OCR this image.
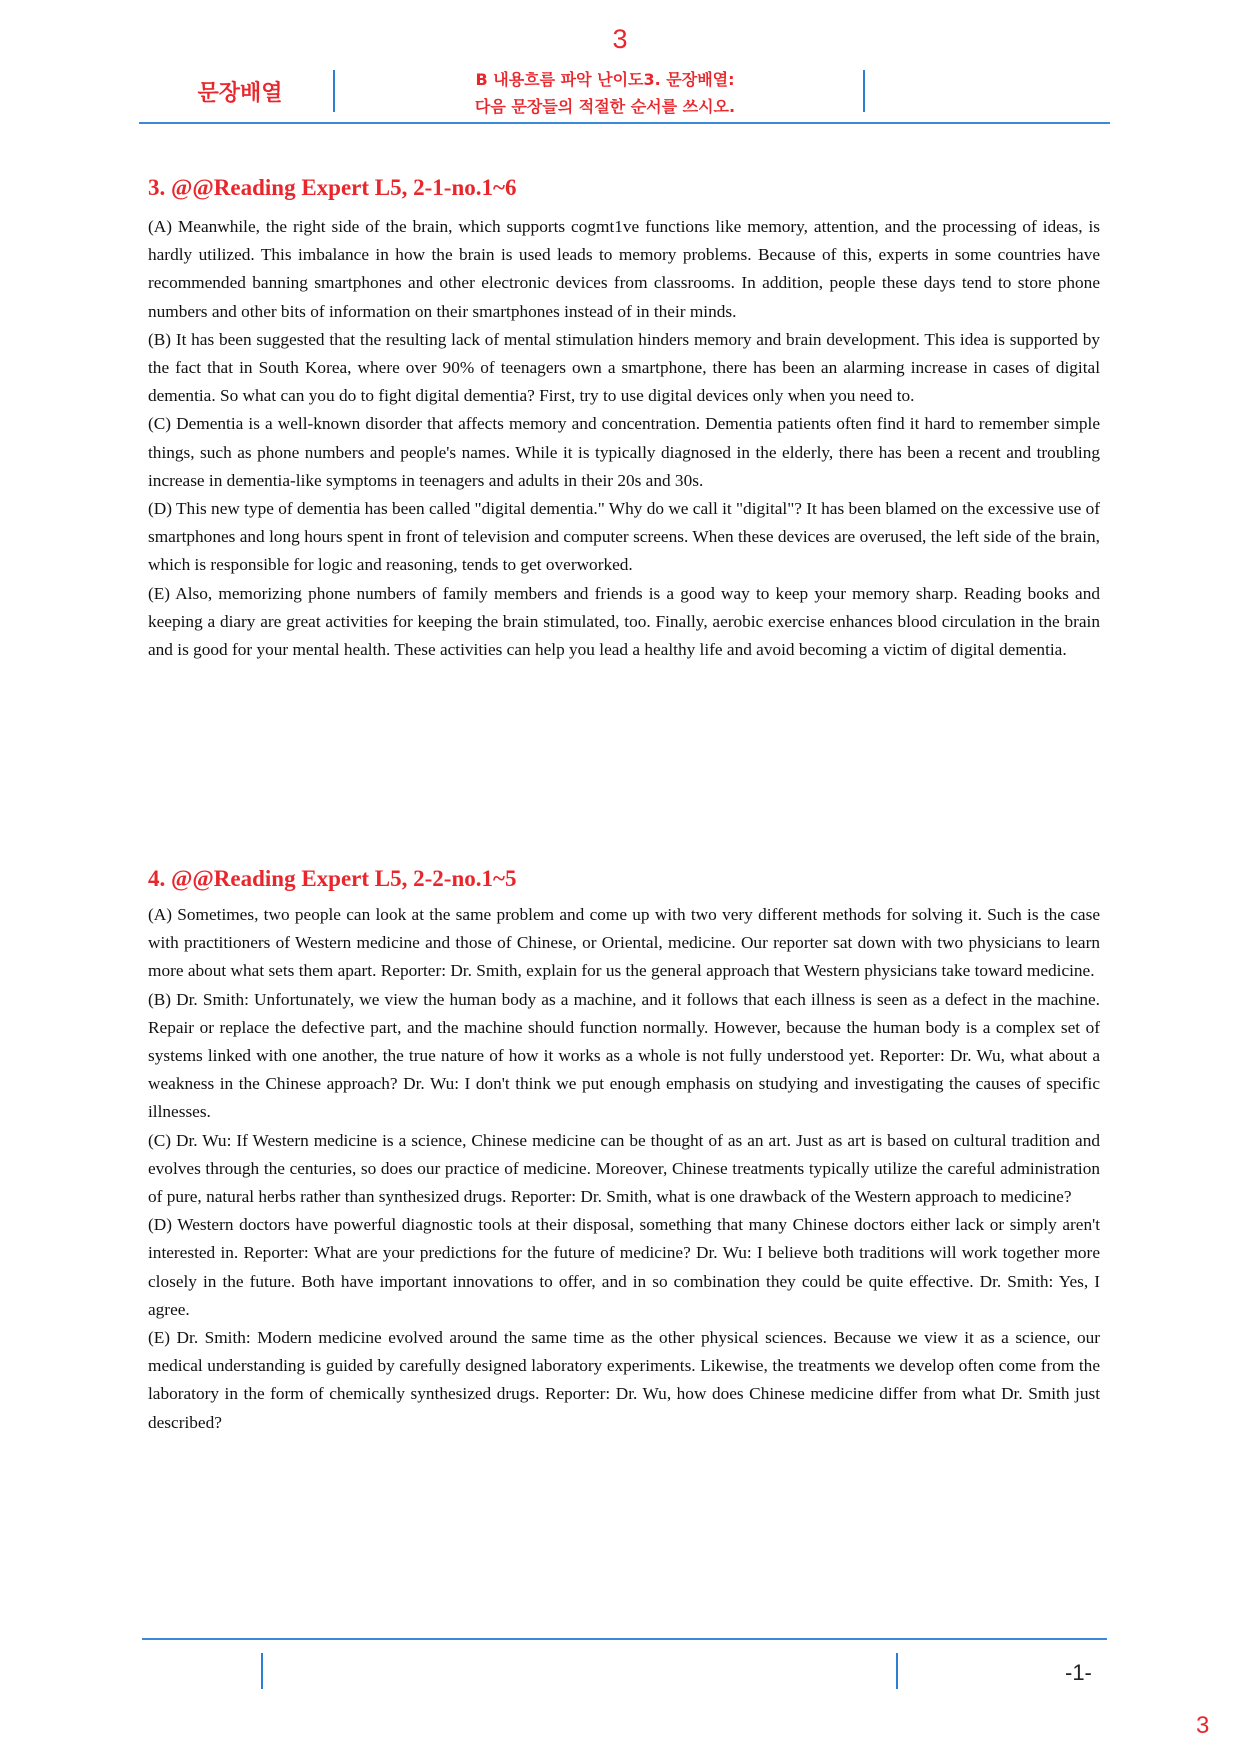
3
문장배열
B 내용흐름 파악 난이도3. 문장배열:
다음 문장들의 적절한 순서를 쓰시오.
3. @@Reading Expert L5, 2-1-no.1~6

(A) Meanwhile, the right side of the brain, which supports cogmt1ve functions like memory, attention, and the processing of ideas, is hardly utilized. This imbalance in how the brain is used leads to memory problems. Because of this, experts in some countries have recommended banning smartphones and other electronic devices from classrooms. In addition, people these days tend to store phone numbers and other bits of information on their smartphones instead of in their minds.

(B) It has been suggested that the resulting lack of mental stimulation hinders memory and brain development. This idea is supported by the fact that in South Korea, where over 90% of teenagers own a smartphone, there has been an alarming increase in cases of digital dementia. So what can you do to fight digital dementia? First, try to use digital devices only when you need to.

(C) Dementia is a well-known disorder that affects memory and concentration. Dementia patients often find it hard to remember simple things, such as phone numbers and people's names. While it is typically diagnosed in the elderly, there has been a recent and troubling increase in dementia-like symptoms in teenagers and adults in their 20s and 30s.

(D) This new type of dementia has been called "digital dementia." Why do we call it "digital"? It has been blamed on the excessive use of smartphones and long hours spent in front of television and computer screens. When these devices are overused, the left side of the brain, which is responsible for logic and reasoning, tends to get overworked.

(E) Also, memorizing phone numbers of family members and friends is a good way to keep your memory sharp. Reading books and keeping a diary are great activities for keeping the brain stimulated, too. Finally, aerobic exercise enhances blood circulation in the brain and is good for your mental health. These activities can help you lead a healthy life and avoid becoming a victim of digital dementia.

4. @@Reading Expert L5, 2-2-no.1~5

(A) Sometimes, two people can look at the same problem and come up with two very different methods for solving it. Such is the case with practitioners of Western medicine and those of Chinese, or Oriental, medicine. Our reporter sat down with two physicians to learn more about what sets them apart. Reporter: Dr. Smith, explain for us the general approach that Western physicians take toward medicine.

(B) Dr. Smith: Unfortunately, we view the human body as a machine, and it follows that each illness is seen as a defect in the machine. Repair or replace the defective part, and the machine should function normally. However, because the human body is a complex set of systems linked with one another, the true nature of how it works as a whole is not fully understood yet. Reporter: Dr. Wu, what about a weakness in the Chinese approach? Dr. Wu: I don't think we put enough emphasis on studying and investigating the causes of specific illnesses.

(C) Dr. Wu: If Western medicine is a science, Chinese medicine can be thought of as an art. Just as art is based on cultural tradition and evolves through the centuries, so does our practice of medicine. Moreover, Chinese treatments typically utilize the careful administration of pure, natural herbs rather than synthesized drugs. Reporter: Dr. Smith, what is one drawback of the Western approach to medicine?

(D) Western doctors have powerful diagnostic tools at their disposal, something that many Chinese doctors either lack or simply aren't interested in. Reporter: What are your predictions for the future of medicine? Dr. Wu: I believe both traditions will work together more closely in the future. Both have important innovations to offer, and in so combination they could be quite effective. Dr. Smith: Yes, I agree.

(E) Dr. Smith: Modern medicine evolved around the same time as the other physical sciences. Because we view it as a science, our medical understanding is guided by carefully designed laboratory experiments. Likewise, the treatments we develop often come from the laboratory in the form of chemically synthesized drugs. Reporter: Dr. Wu, how does Chinese medicine differ from what Dr. Smith just described?

-1-
3
